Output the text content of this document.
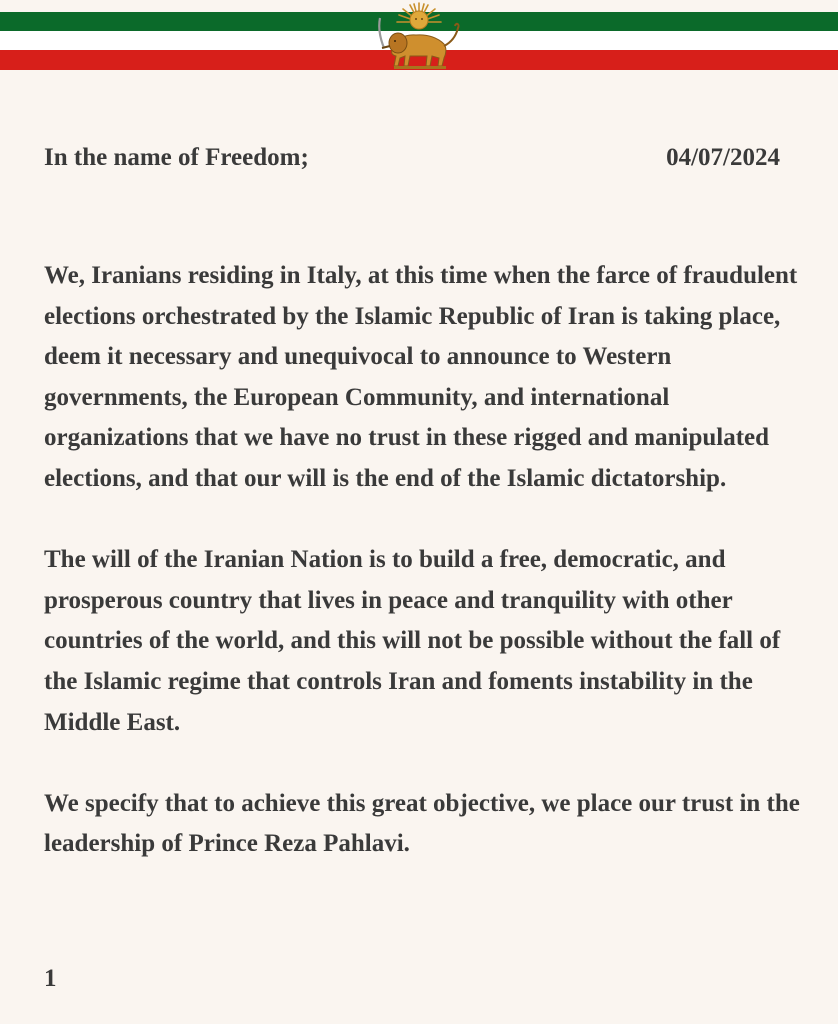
In the name of Freedom;	04/07/2024

We, Iranians residing in Italy, at this time when the farce of fraudulent elections orchestrated by the Islamic Republic of Iran is taking place, deem it necessary and unequivocal to announce to Western governments, the European Community, and international organizations that we have no trust in these rigged and manipulated elections, and that our will is the end of the Islamic dictatorship.

The will of the Iranian Nation is to build a free, democratic, and prosperous country that lives in peace and tranquility with other countries of the world, and this will not be possible without the fall of the Islamic regime that controls Iran and foments instability in the Middle East.

We specify that to achieve this great objective, we place our trust in the leadership of Prince Reza Pahlavi.

1
